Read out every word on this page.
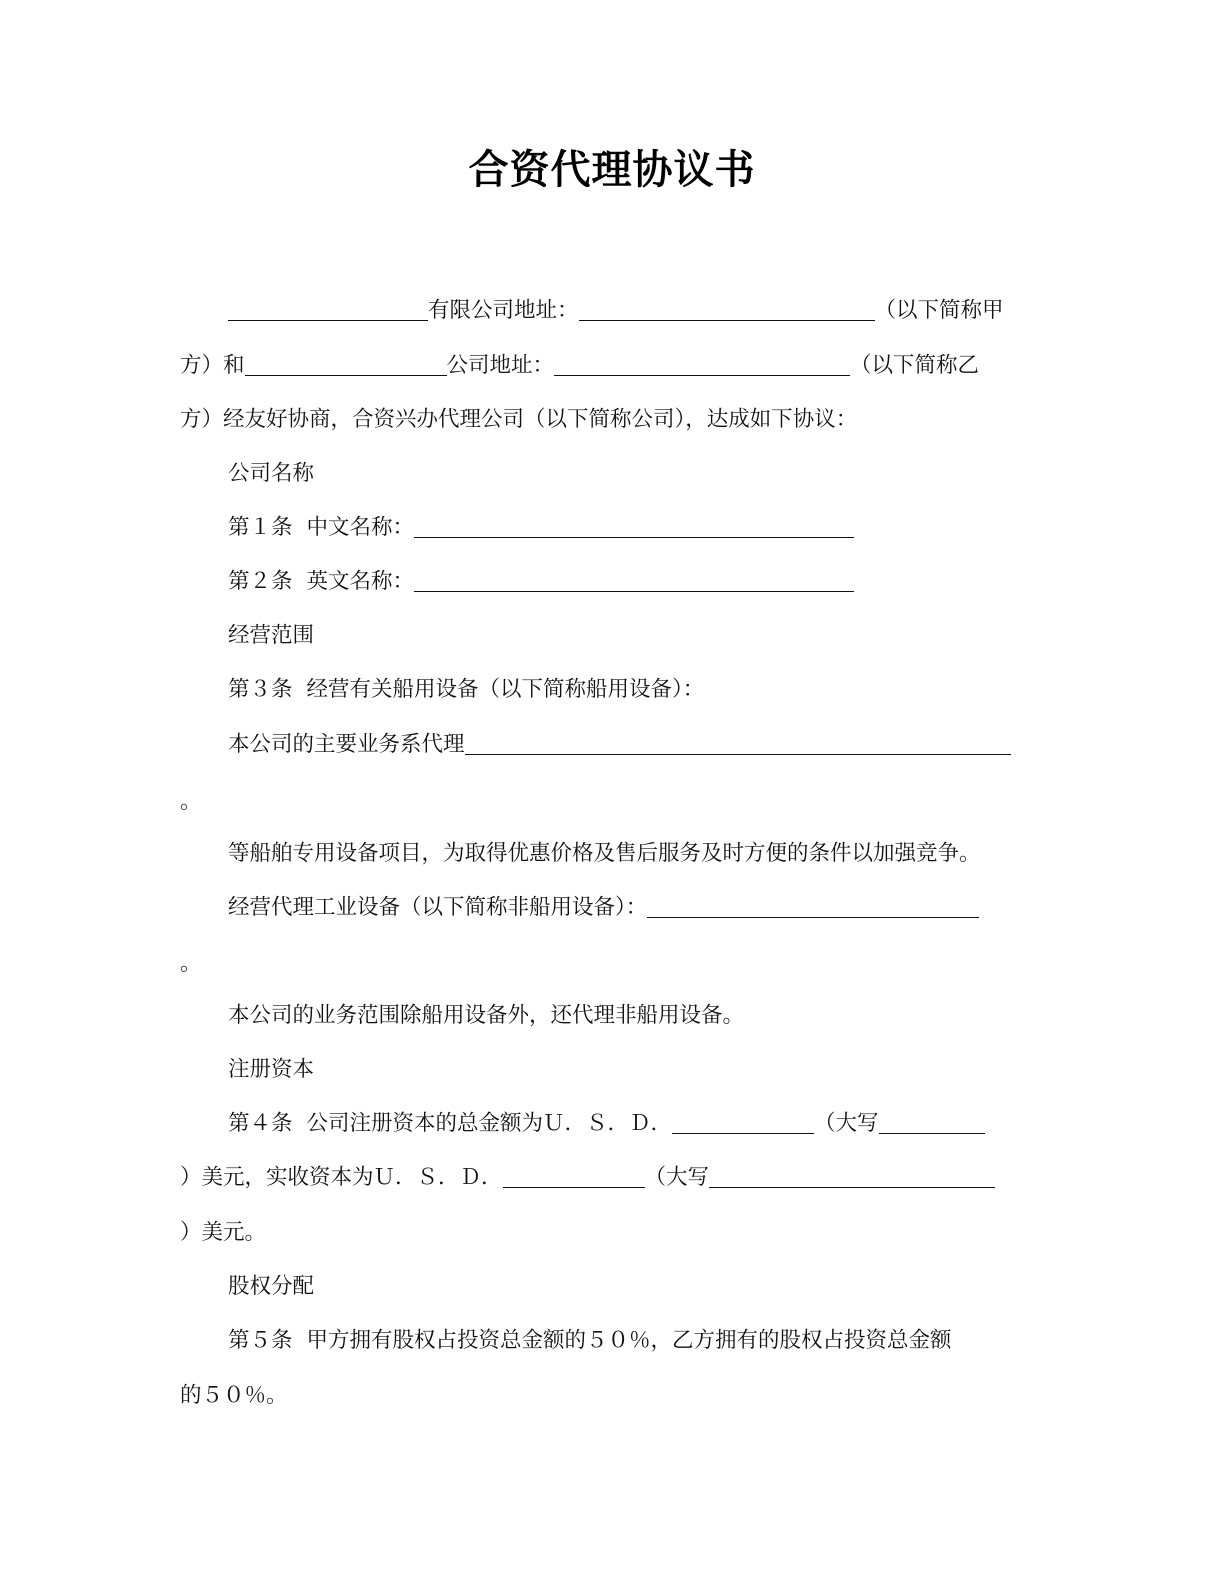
合资代理协议书
有限公司地址：	（以下简称甲
方）和	公司地址：	（以下简称乙
方）经友好协商，合资兴办代理公司（以下简称公司），达成如下协议：
公司名称
第１条 中文名称：
第２条 英文名称：
经营范围
第３条 经营有关船用设备（以下简称船用设备）：
本公司的主要业务系代理
。
等船舶专用设备项目，为取得优惠价格及售后服务及时方便的条件以加强竞争。
经营代理工业设备（以下简称非船用设备）：
。
本公司的业务范围除船用设备外，还代理非船用设备。
注册资本
第４条 公司注册资本的总金额为Ｕ．Ｓ．Ｄ．	（大写
）美元，实收资本为Ｕ．Ｓ．Ｄ．	（大写
）美元。
股权分配
第５条 甲方拥有股权占投资总金额的５０％，乙方拥有的股权占投资总金额
的５０％。
